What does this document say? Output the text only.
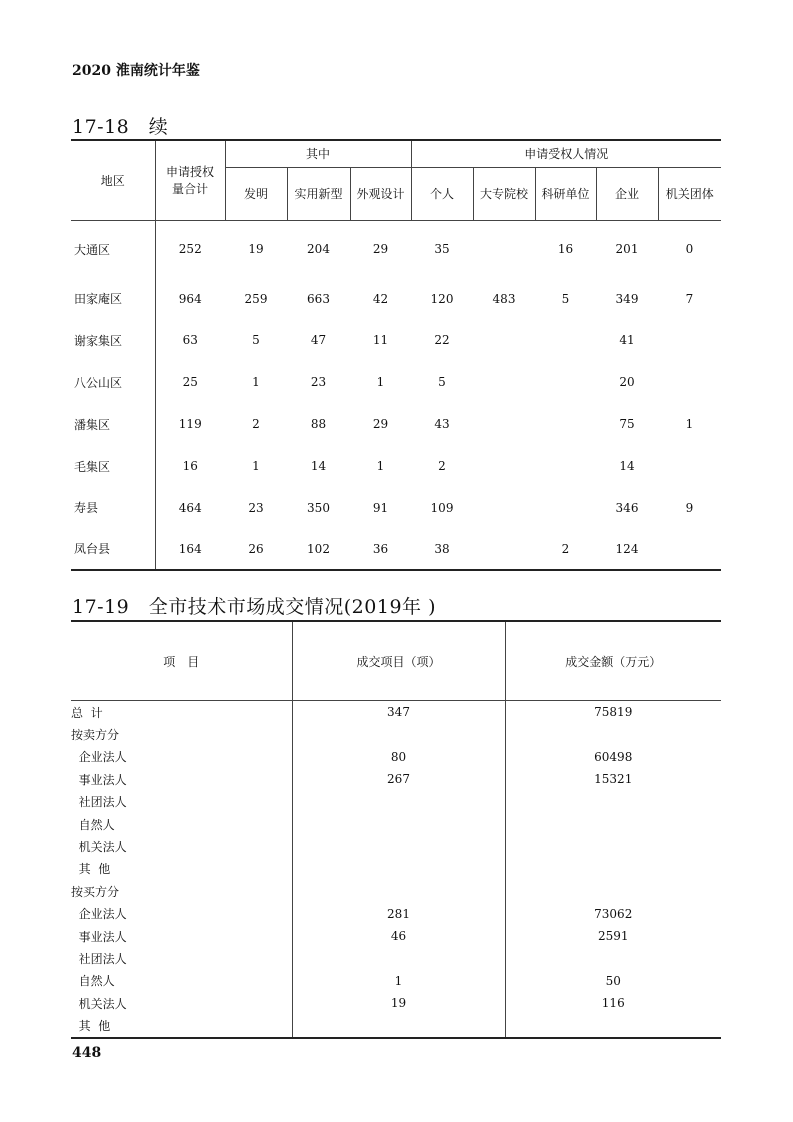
2020 淮南统计年鉴
17-18　续
地区	申请授权量合计	其中			申请受权人情况				
		发明	实用新型	外观设计	个人	大专院校	科研单位	企业	机关团体
大通区	252	19	204	29	35		16	201	0
田家庵区	964	259	663	42	120	483	5	349	7
谢家集区	63	5	47	11	22			41	
八公山区	25	1	23	1	5			20	
潘集区	119	2	88	29	43			75	1
毛集区	16	1	14	1	2			14	
寿县	464	23	350	91	109			346	9
凤台县	164	26	102	36	38		2	124	
17-19　全市技术市场成交情况(2019年 )
项　目	成交项目（项）	成交金额（万元）
总  计	347	75819
按卖方分		
企业法人	80	60498
事业法人	267	15321
社团法人		
自然人		
机关法人		
其  他		
按买方分		
企业法人	281	73062
事业法人	46	2591
社团法人		
自然人	1	50
机关法人	19	116
其  他		
448
